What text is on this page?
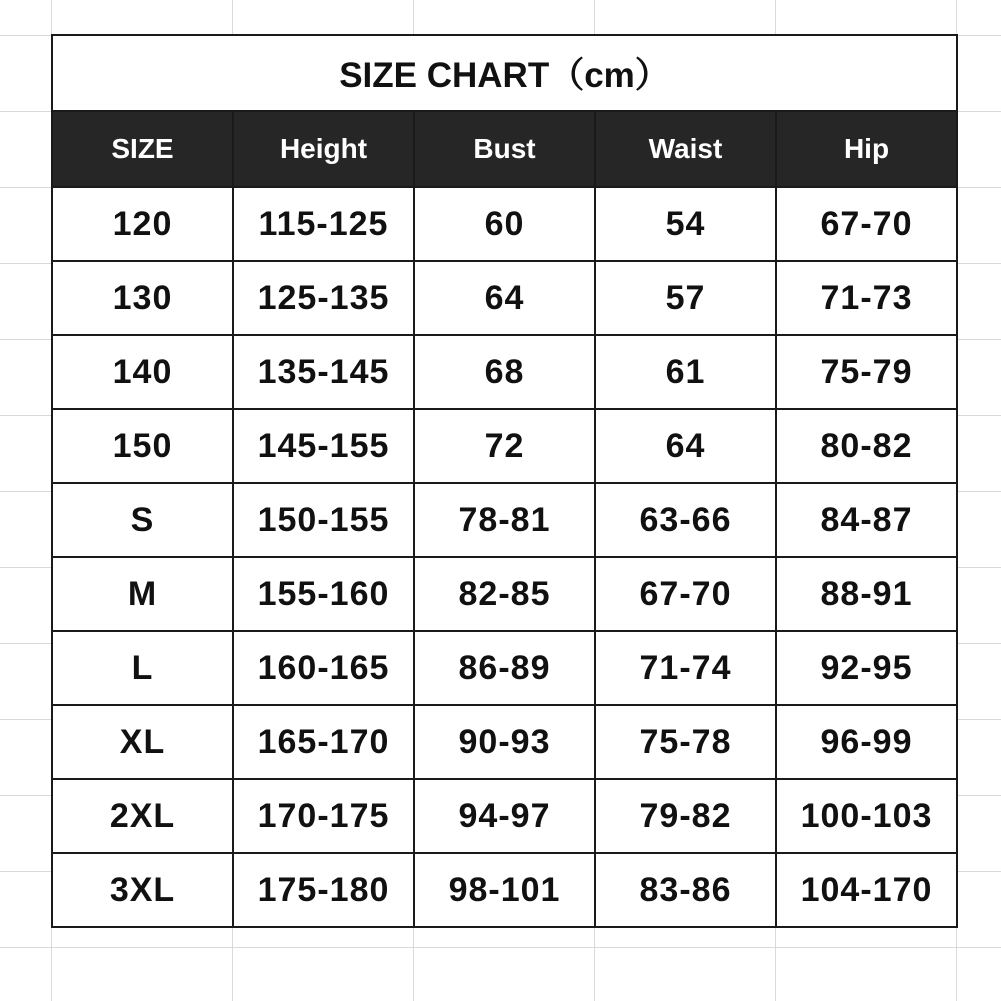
SIZE CHART（cm）				
SIZE	Height	Bust	Waist	Hip
120	115-125	60	54	67-70
130	125-135	64	57	71-73
140	135-145	68	61	75-79
150	145-155	72	64	80-82
S	150-155	78-81	63-66	84-87
M	155-160	82-85	67-70	88-91
L	160-165	86-89	71-74	92-95
XL	165-170	90-93	75-78	96-99
2XL	170-175	94-97	79-82	100-103
3XL	175-180	98-101	83-86	104-170
